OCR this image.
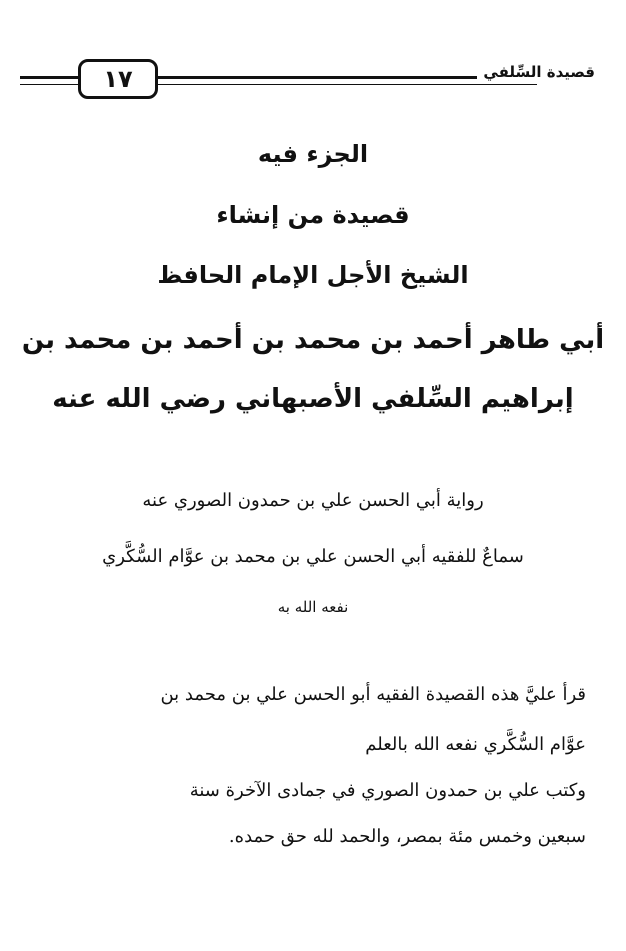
١٧	قصيدة السِّلفي
الجزء فيه
قصيدة من إنشاء
الشيخ الأجل الإمام الحافظ
أبي طاهر أحمد بن محمد بن أحمد بن محمد بن
إبراهيم السِّلفي الأصبهاني رضي الله عنه
رواية أبي الحسن علي بن حمدون الصوري عنه
سماعٌ للفقيه أبي الحسن علي بن محمد بن عوَّام السُّكَّري
نفعه الله به
قرأ عليَّ هذه القصيدة الفقيه أبو الحسن علي بن محمد بن
عوَّام السُّكَّري نفعه الله بالعلم
وكتب علي بن حمدون الصوري في جمادى الآخرة سنة
سبعين وخمس مئة بمصر، والحمد لله حق حمده.
